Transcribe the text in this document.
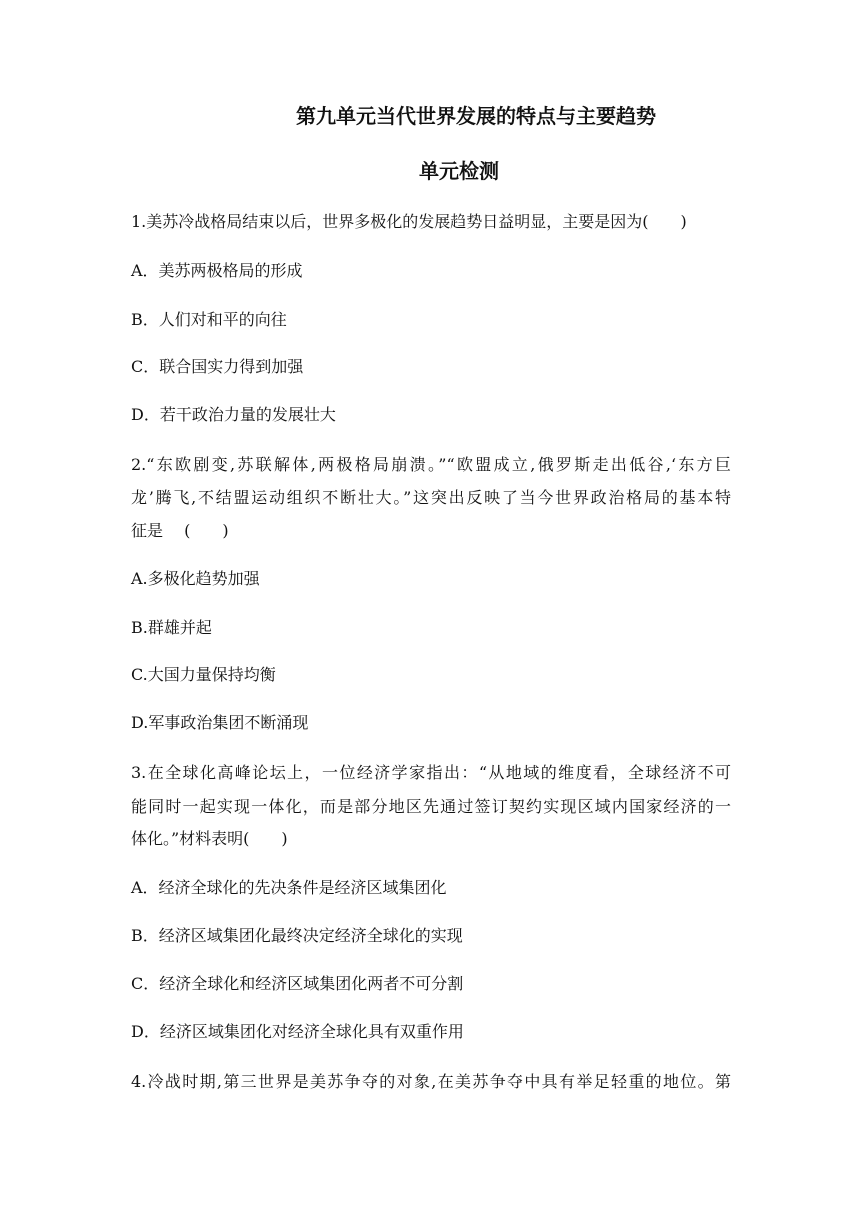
第九单元当代世界发展的特点与主要趋势
单元检测
1.美苏冷战格局结束以后，世界多极化的发展趋势日益明显，主要是因为(　　)
A．美苏两极格局的形成
B．人们对和平的向往
C．联合国实力得到加强
D．若干政治力量的发展壮大
2.“东欧剧变,苏联解体,两极格局崩溃。”“欧盟成立,俄罗斯走出低谷,‘东方巨
龙’腾飞,不结盟运动组织不断壮大。”这突出反映了当今世界政治格局的基本特
征是　 (　　)
A.多极化趋势加强
B.群雄并起
C.大国力量保持均衡
D.军事政治集团不断涌现
3.在全球化高峰论坛上，一位经济学家指出：“从地域的维度看，全球经济不可
能同时一起实现一体化，而是部分地区先通过签订契约实现区域内国家经济的一
体化。”材料表明(　　)
A．经济全球化的先决条件是经济区域集团化
B．经济区域集团化最终决定经济全球化的实现
C．经济全球化和经济区域集团化两者不可分割
D．经济区域集团化对经济全球化具有双重作用
4.冷战时期,第三世界是美苏争夺的对象,在美苏争夺中具有举足轻重的地位。第
